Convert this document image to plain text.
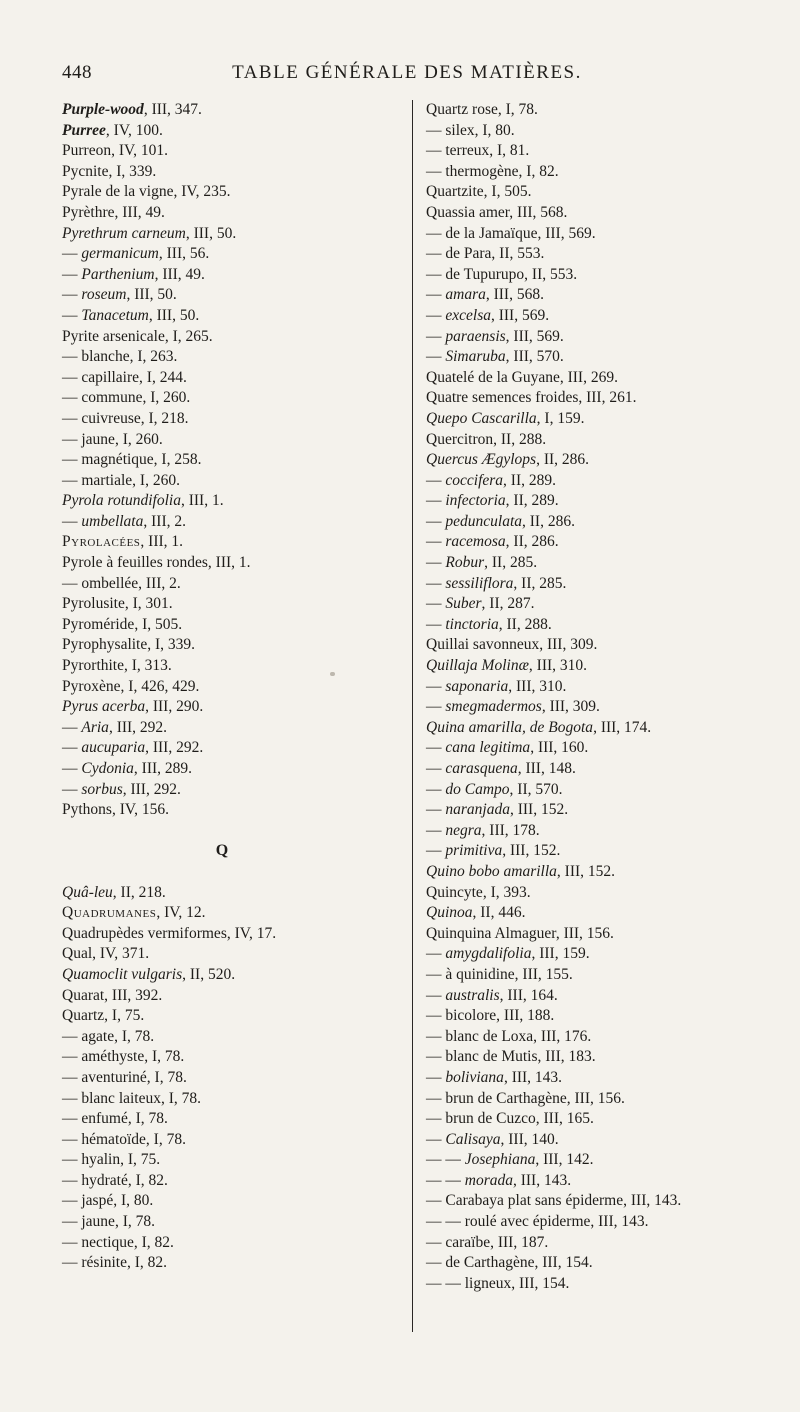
448	TABLE GÉNÉRALE DES MATIÈRES.
Purple-wood, III, 347.
Purree, IV, 100.
Purreon, IV, 101.
Pycnite, I, 339.
Pyrale de la vigne, IV, 235.
Pyrèthre, III, 49.
Pyrethrum carneum, III, 50.
— germanicum, III, 56.
— Parthenium, III, 49.
— roseum, III, 50.
— Tanacetum, III, 50.
Pyrite arsenicale, I, 265.
— blanche, I, 263.
— capillaire, I, 244.
— commune, I, 260.
— cuivreuse, I, 218.
— jaune, I, 260.
— magnétique, I, 258.
— martiale, I, 260.
Pyrola rotundifolia, III, 1.
— umbellata, III, 2.
Pyrolacées, III, 1.
Pyrole à feuilles rondes, III, 1.
— ombellée, III, 2.
Pyrolusite, I, 301.
Pyroméride, I, 505.
Pyrophysalite, I, 339.
Pyrorthite, I, 313.
Pyroxène, I, 426, 429.
Pyrus acerba, III, 290.
— Aria, III, 292.
— aucuparia, III, 292.
— Cydonia, III, 289.
— sorbus, III, 292.
Pythons, IV, 156.
Q
Quâ-leu, II, 218.
Quadrumanes, IV, 12.
Quadrupèdes vermiformes, IV, 17.
Qual, IV, 371.
Quamoclit vulgaris, II, 520.
Quarat, III, 392.
Quartz, I, 75.
— agate, I, 78.
— améthyste, I, 78.
— aventuriné, I, 78.
— blanc laiteux, I, 78.
— enfumé, I, 78.
— hématoïde, I, 78.
— hyalin, I, 75.
— hydraté, I, 82.
— jaspé, I, 80.
— jaune, I, 78.
— nectique, I, 82.
— résinite, I, 82.
Quartz rose, I, 78.
— silex, I, 80.
— terreux, I, 81.
— thermogène, I, 82.
Quartzite, I, 505.
Quassia amer, III, 568.
— de la Jamaïque, III, 569.
— de Para, II, 553.
— de Tupurupo, II, 553.
— amara, III, 568.
— excelsa, III, 569.
— paraensis, III, 569.
— Simaruba, III, 570.
Quatelé de la Guyane, III, 269.
Quatre semences froides, III, 261.
Quepo Cascarilla, I, 159.
Quercitron, II, 288.
Quercus Ægylops, II, 286.
— coccifera, II, 289.
— infectoria, II, 289.
— pedunculata, II, 286.
— racemosa, II, 286.
— Robur, II, 285.
— sessiliflora, II, 285.
— Suber, II, 287.
— tinctoria, II, 288.
Quillai savonneux, III, 309.
Quillaja Molinæ, III, 310.
— saponaria, III, 310.
— smegmadermos, III, 309.
Quina amarilla, de Bogota, III, 174.
— cana legitima, III, 160.
— carasquena, III, 148.
— do Campo, II, 570.
— naranjada, III, 152.
— negra, III, 178.
— primitiva, III, 152.
Quino bobo amarilla, III, 152.
Quincyte, I, 393.
Quinoa, II, 446.
Quinquina Almaguer, III, 156.
— amygdalifolia, III, 159.
— à quinidine, III, 155.
— australis, III, 164.
— bicolore, III, 188.
— blanc de Loxa, III, 176.
— blanc de Mutis, III, 183.
— boliviana, III, 143.
— brun de Carthagène, III, 156.
— brun de Cuzco, III, 165.
— Calisaya, III, 140.
— — Josephiana, III, 142.
— — morada, III, 143.
— Carabaya plat sans épiderme, III, 143.
— — roulé avec épiderme, III, 143.
— caraïbe, III, 187.
— de Carthagène, III, 154.
— — ligneux, III, 154.
